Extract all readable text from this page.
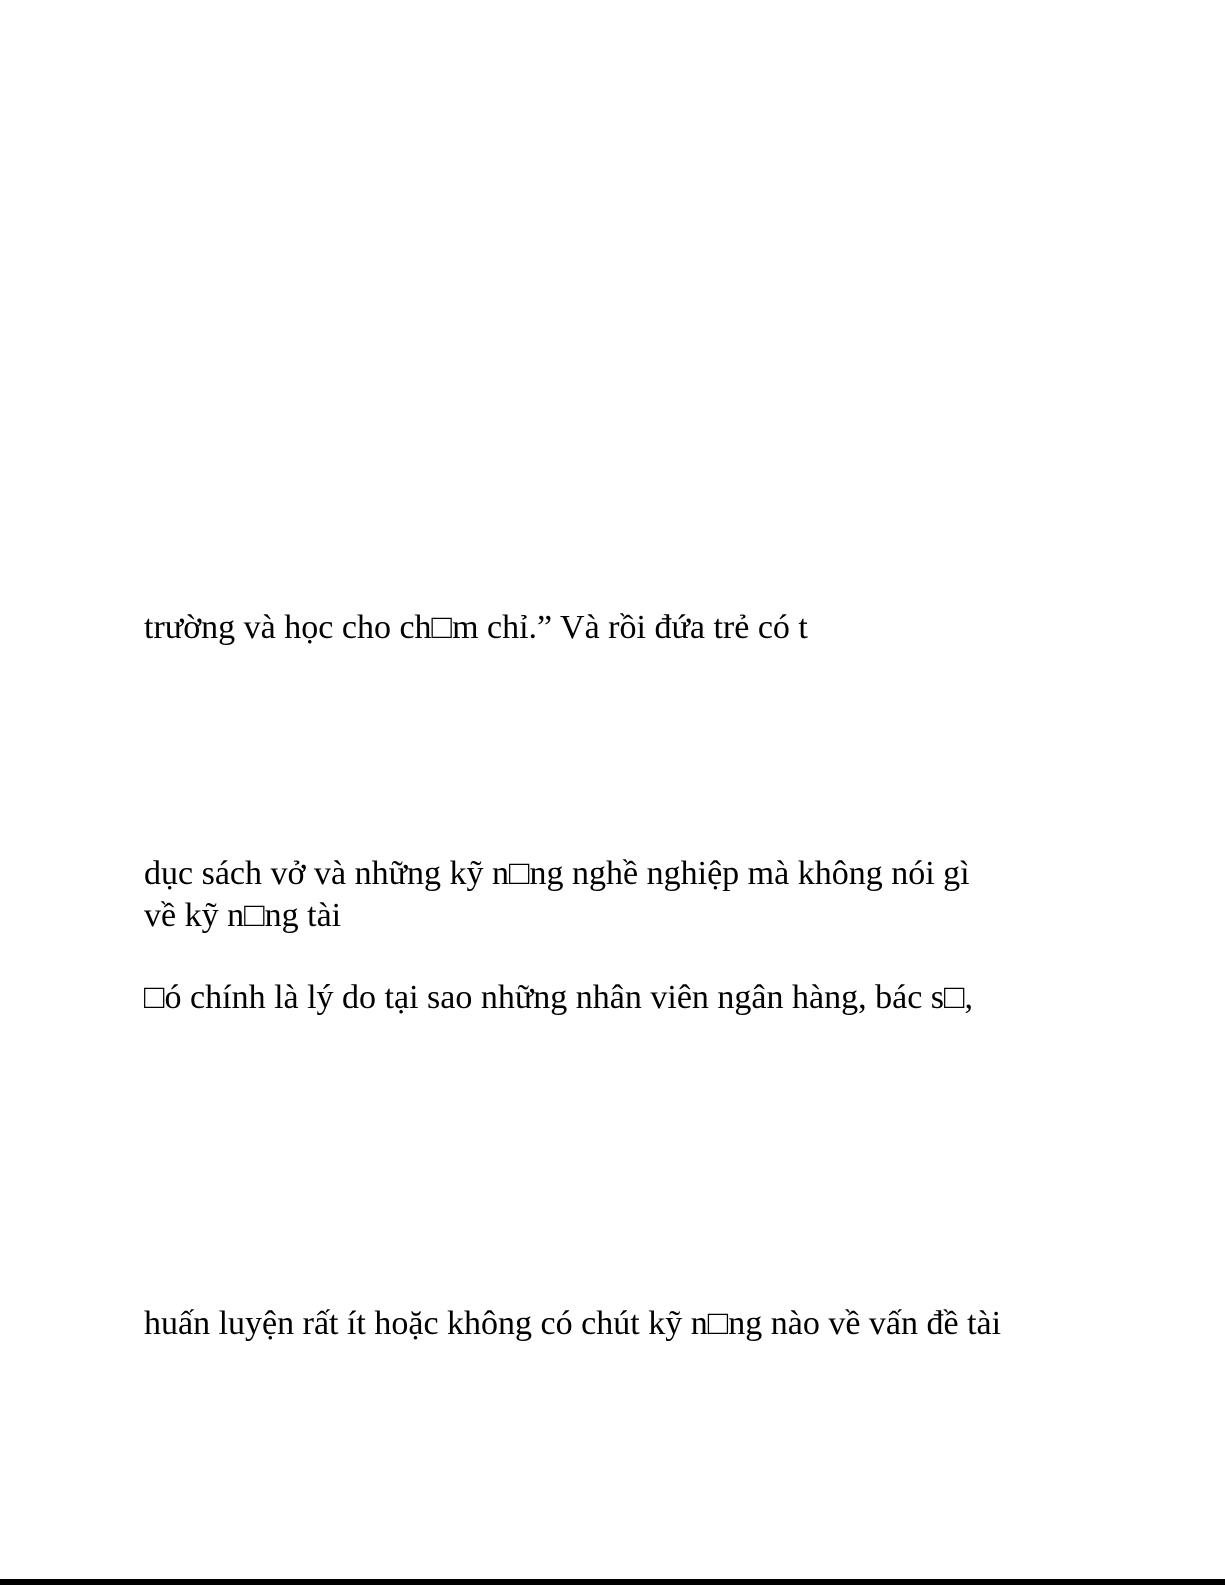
trường và học cho ch□m chỉ.” Và rồi đứa trẻ có t

dục sách vở và những kỹ n□ng nghề nghiệp mà không nói gì

về kỹ n□ng tài

□ó chính là lý do tại sao những nhân viên ngân hàng, bác s□,

huấn luyện rất ít hoặc không có chút kỹ n□ng nào về vấn đề tài
